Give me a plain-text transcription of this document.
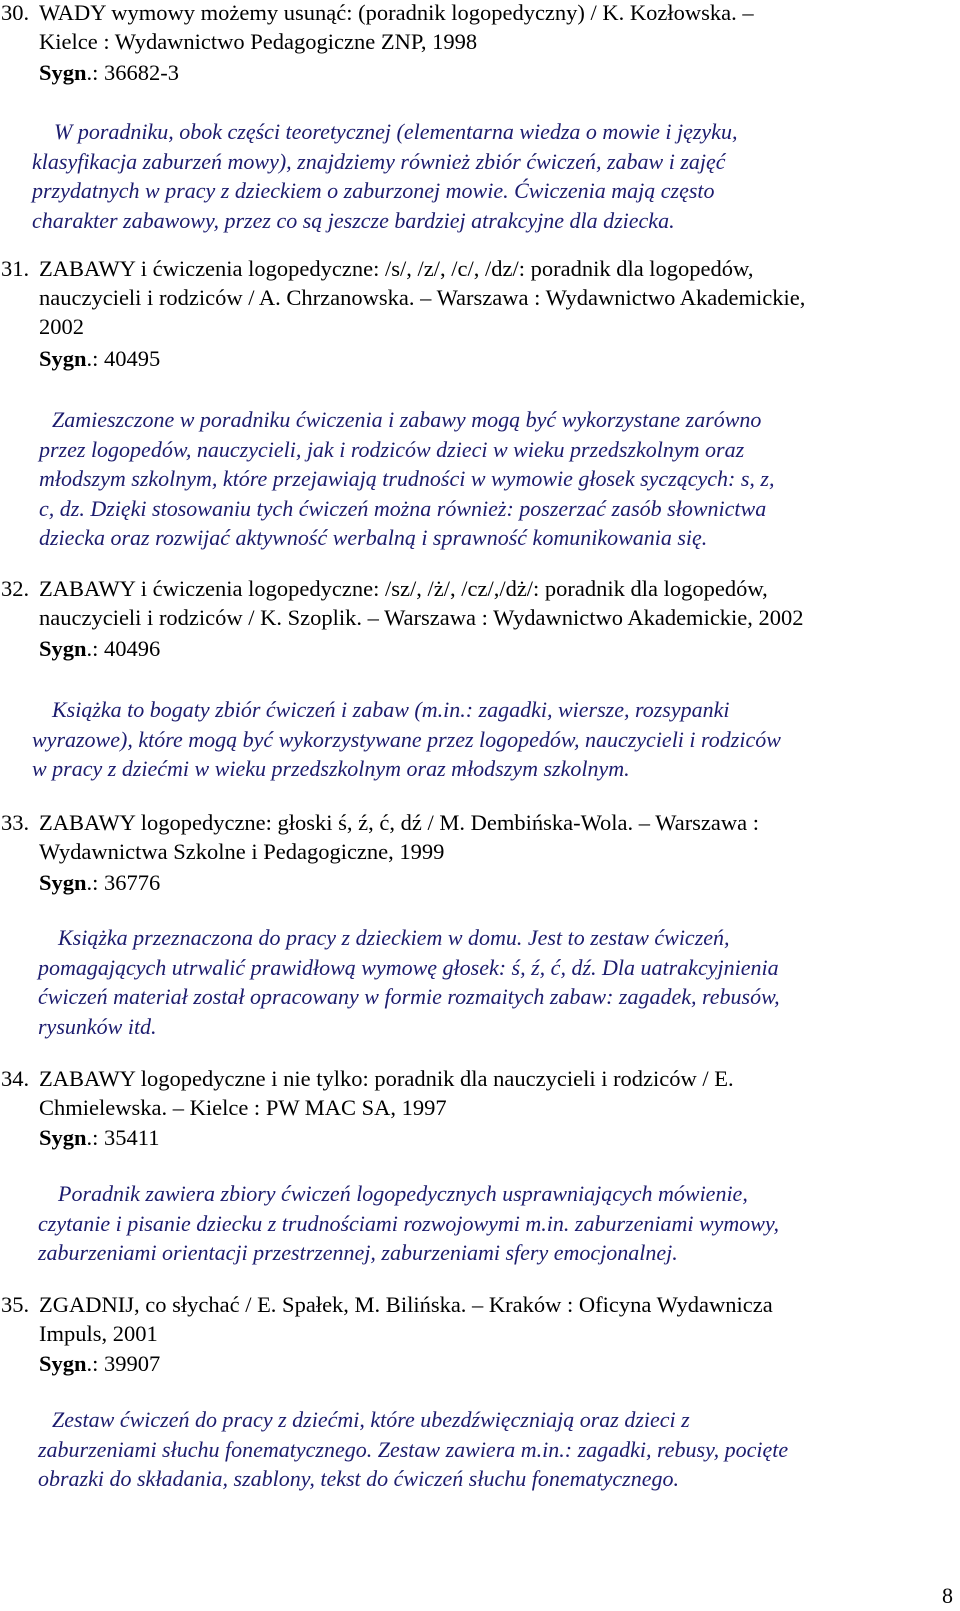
30. WADY wymowy możemy usunąć: (poradnik logopedyczny) / K. Kozłowska. –
Kielce : Wydawnictwo Pedagogiczne ZNP, 1998
Sygn.: 36682-3
W poradniku, obok części teoretycznej (elementarna wiedza o mowie i języku,
klasyfikacja zaburzeń mowy), znajdziemy również zbiór ćwiczeń, zabaw i zajęć
przydatnych w pracy z dzieckiem o zaburzonej mowie. Ćwiczenia mają często
charakter zabawowy, przez co są jeszcze bardziej atrakcyjne dla dziecka.
31. ZABAWY i ćwiczenia logopedyczne: /s/, /z/, /c/, /dz/: poradnik dla logopedów,
nauczycieli i rodziców / A. Chrzanowska. – Warszawa : Wydawnictwo Akademickie,
2002
Sygn.: 40495
Zamieszczone w poradniku ćwiczenia i zabawy mogą być wykorzystane zarówno
przez logopedów, nauczycieli, jak i rodziców dzieci w wieku przedszkolnym oraz
młodszym szkolnym, które przejawiają trudności w wymowie głosek syczących: s, z,
c, dz. Dzięki stosowaniu tych ćwiczeń można również: poszerzać zasób słownictwa
dziecka oraz rozwijać aktywność werbalną i sprawność komunikowania się.
32. ZABAWY i ćwiczenia logopedyczne: /sz/, /ż/, /cz/,/dż/: poradnik dla logopedów,
nauczycieli i rodziców / K. Szoplik. – Warszawa : Wydawnictwo Akademickie, 2002
Sygn.: 40496
Książka to bogaty zbiór ćwiczeń i zabaw (m.in.: zagadki, wiersze, rozsypanki
wyrazowe), które mogą być wykorzystywane przez logopedów, nauczycieli i rodziców
w pracy z dziećmi w wieku przedszkolnym oraz młodszym szkolnym.
33. ZABAWY logopedyczne: głoski ś, ź, ć, dź / M. Dembińska-Wola. – Warszawa :
Wydawnictwa Szkolne i Pedagogiczne, 1999
Sygn.: 36776
Książka przeznaczona do pracy z dzieckiem w domu. Jest to zestaw ćwiczeń,
pomagających utrwalić prawidłową wymowę głosek: ś, ź, ć, dź. Dla uatrakcyjnienia
ćwiczeń materiał został opracowany w formie rozmaitych zabaw: zagadek, rebusów,
rysunków itd.
34. ZABAWY logopedyczne i nie tylko: poradnik dla nauczycieli i rodziców / E.
Chmielewska. – Kielce : PW MAC SA, 1997
Sygn.: 35411
Poradnik zawiera zbiory ćwiczeń logopedycznych usprawniających mówienie,
czytanie i pisanie dziecku z trudnościami rozwojowymi m.in. zaburzeniami wymowy,
zaburzeniami orientacji przestrzennej, zaburzeniami sfery emocjonalnej.
35. ZGADNIJ, co słychać / E. Spałek, M. Bilińska. – Kraków : Oficyna Wydawnicza
Impuls, 2001
Sygn.: 39907
Zestaw ćwiczeń do pracy z dziećmi, które ubezdźwięczniają oraz dzieci z
zaburzeniami słuchu fonematycznego. Zestaw zawiera m.in.: zagadki, rebusy, pocięte
obrazki do składania, szablony, tekst do ćwiczeń słuchu fonematycznego.
8
